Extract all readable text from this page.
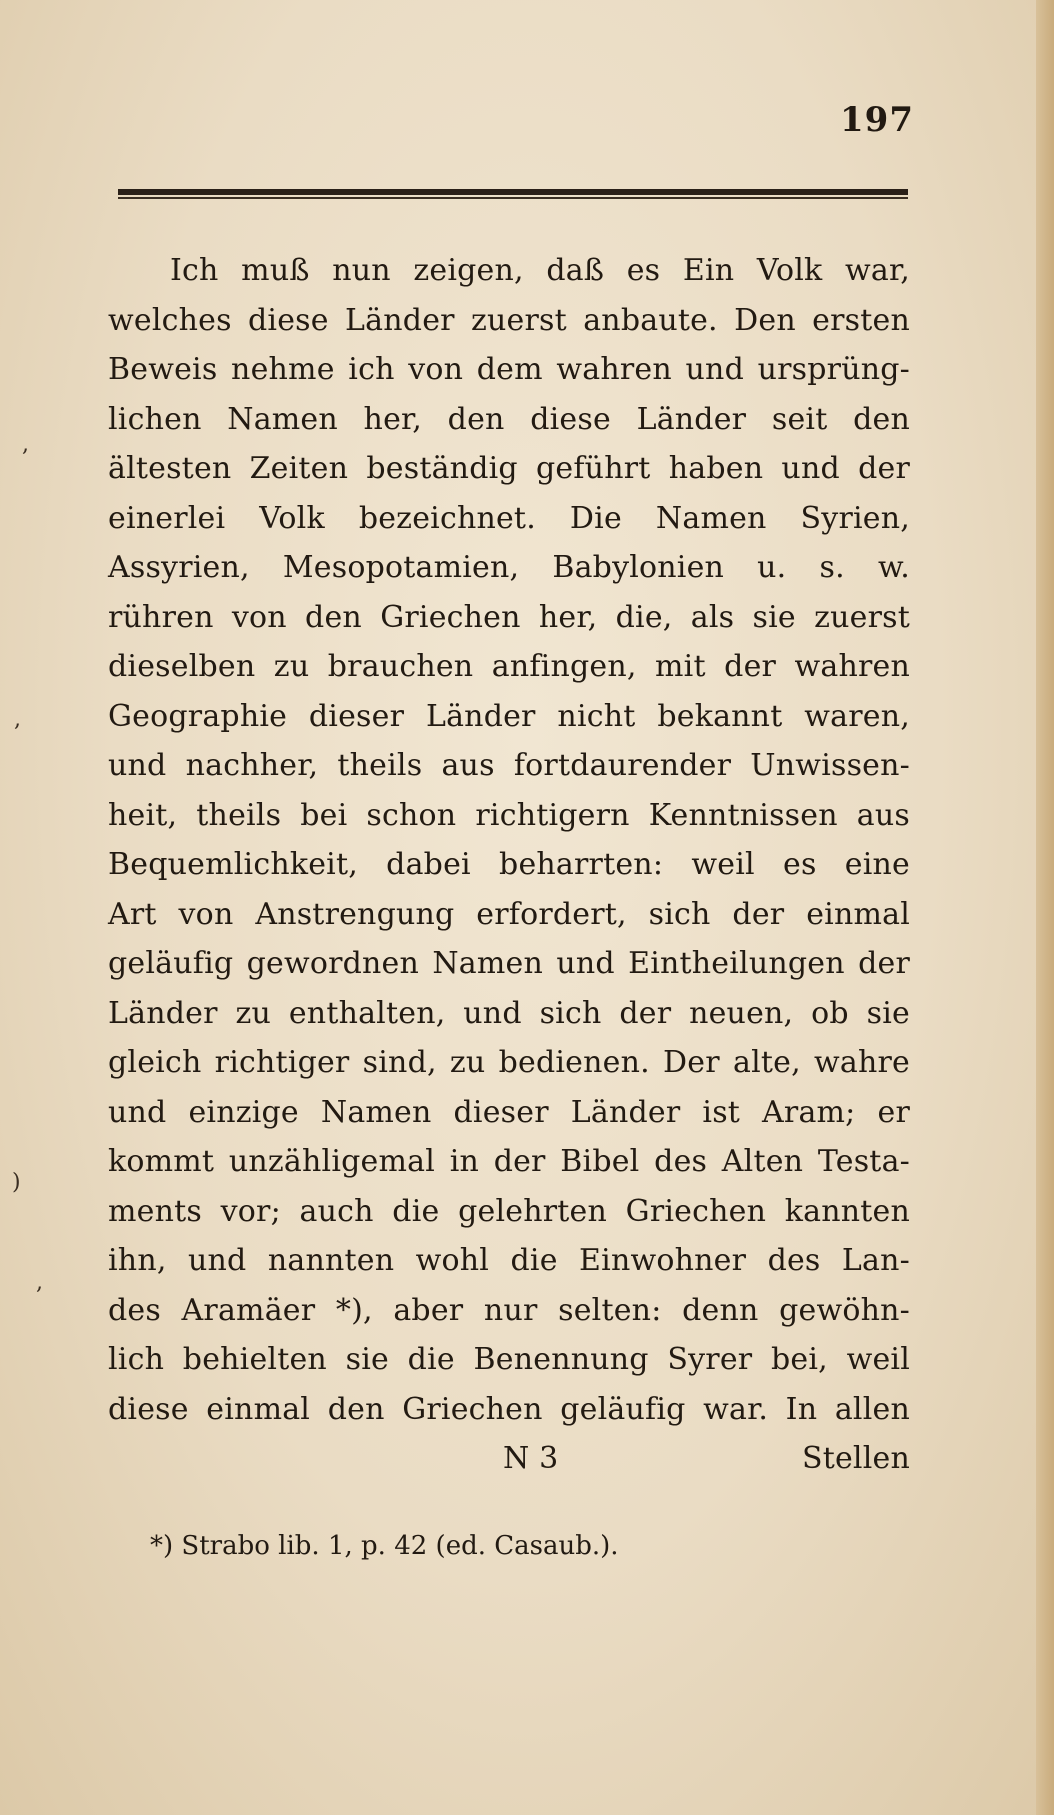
197
Ich muß nun zeigen, daß es Ein Volk war,
welches diese Länder zuerst anbaute. Den ersten
Beweis nehme ich von dem wahren und ursprüng-
lichen Namen her, den diese Länder seit den
ältesten Zeiten beständig geführt haben und der
einerlei Volk bezeichnet. Die Namen Syrien,
Assyrien, Mesopotamien, Babylonien u. s. w.
rühren von den Griechen her, die, als sie zuerst
dieselben zu brauchen anfingen, mit der wahren
Geographie dieser Länder nicht bekannt waren,
und nachher, theils aus fortdaurender Unwissen-
heit, theils bei schon richtigern Kenntnissen aus
Bequemlichkeit, dabei beharrten: weil es eine
Art von Anstrengung erfordert, sich der einmal
geläufig gewordnen Namen und Eintheilungen der
Länder zu enthalten, und sich der neuen, ob sie
gleich richtiger sind, zu bedienen. Der alte, wahre
und einzige Namen dieser Länder ist Aram; er
kommt unzähligemal in der Bibel des Alten Testa-
ments vor; auch die gelehrten Griechen kannten
ihn, und nannten wohl die Einwohner des Lan-
des Aramäer *), aber nur selten: denn gewöhn-
lich behielten sie die Benennung Syrer bei, weil
diese einmal den Griechen geläufig war. In allen
N 3	Stellen
*) Strabo lib. 1, p. 42 (ed. Casaub.).
,
,
)
,
